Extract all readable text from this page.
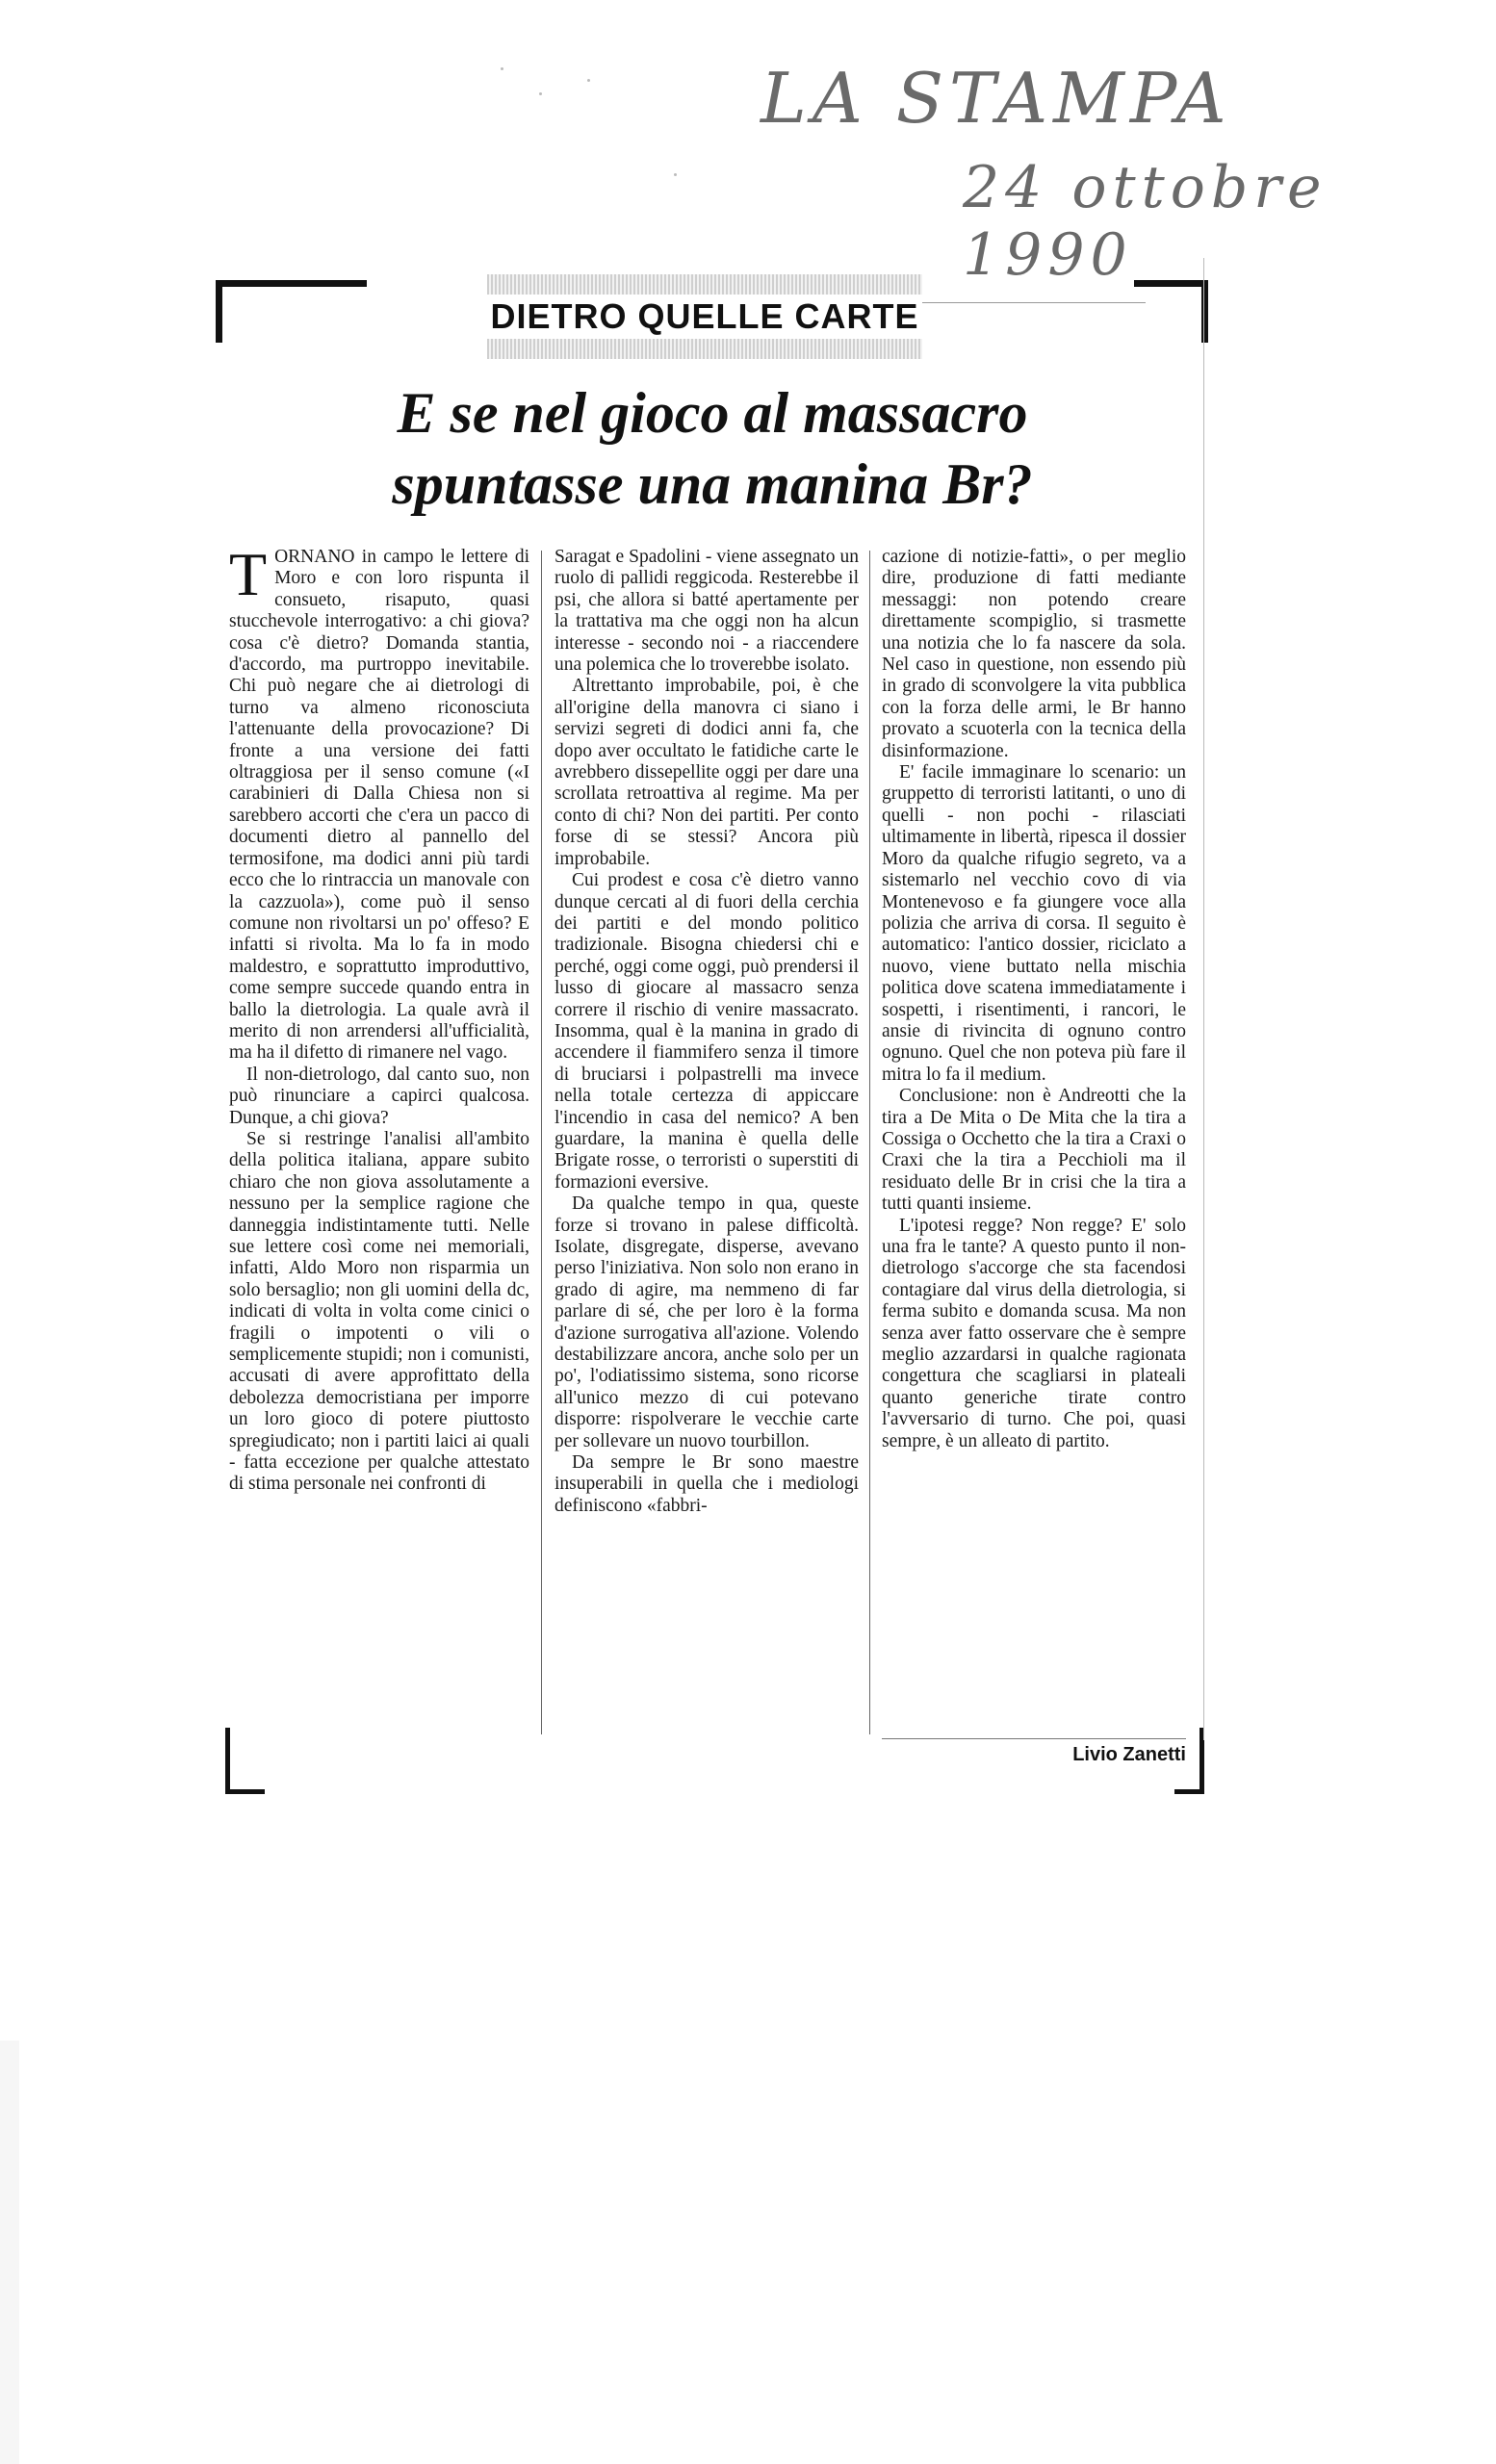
LA STAMPA
24 ottobre 1990
DIETRO QUELLE CARTE
E se nel gioco al massacro
spuntasse una manina Br?

TORNANO in campo le lettere di Moro e con loro rispunta il consueto, risaputo, quasi stucchevole interrogativo: a chi giova? cosa c'è dietro? Domanda stantia, d'accordo, ma purtroppo inevitabile. Chi può negare che ai dietrologi di turno va almeno riconosciuta l'attenuante della provocazione? Di fronte a una versione dei fatti oltraggiosa per il senso comune («I carabinieri di Dalla Chiesa non si sarebbero accorti che c'era un pacco di documenti dietro al pannello del termosifone, ma dodici anni più tardi ecco che lo rintraccia un manovale con la cazzuola»), come può il senso comune non rivoltarsi un po' offeso? E infatti si rivolta. Ma lo fa in modo maldestro, e soprattutto improduttivo, come sempre succede quando entra in ballo la dietrologia. La quale avrà il merito di non arrendersi all'ufficialità, ma ha il difetto di rimanere nel vago.

Il non-dietrologo, dal canto suo, non può rinunciare a capirci qualcosa. Dunque, a chi giova?

Se si restringe l'analisi all'ambito della politica italiana, appare subito chiaro che non giova assolutamente a nessuno per la semplice ragione che danneggia indistintamente tutti. Nelle sue lettere così come nei memoriali, infatti, Aldo Moro non risparmia un solo bersaglio; non gli uomini della dc, indicati di volta in volta come cinici o fragili o impotenti o vili o semplicemente stupidi; non i comunisti, accusati di avere approfittato della debolezza democristiana per imporre un loro gioco di potere piuttosto spregiudicato; non i partiti laici ai quali - fatta eccezione per qualche attestato di stima personale nei confronti di

Saragat e Spadolini - viene assegnato un ruolo di pallidi reggicoda. Resterebbe il psi, che allora si batté apertamente per la trattativa ma che oggi non ha alcun interesse - secondo noi - a riaccendere una polemica che lo troverebbe isolato.

Altrettanto improbabile, poi, è che all'origine della manovra ci siano i servizi segreti di dodici anni fa, che dopo aver occultato le fatidiche carte le avrebbero dissepellite oggi per dare una scrollata retroattiva al regime. Ma per conto di chi? Non dei partiti. Per conto forse di se stessi? Ancora più improbabile.

Cui prodest e cosa c'è dietro vanno dunque cercati al di fuori della cerchia dei partiti e del mondo politico tradizionale. Bisogna chiedersi chi e perché, oggi come oggi, può prendersi il lusso di giocare al massacro senza correre il rischio di venire massacrato. Insomma, qual è la manina in grado di accendere il fiammifero senza il timore di bruciarsi i polpastrelli ma invece nella totale certezza di appiccare l'incendio in casa del nemico? A ben guardare, la manina è quella delle Brigate rosse, o terroristi o superstiti di formazioni eversive.

Da qualche tempo in qua, queste forze si trovano in palese difficoltà. Isolate, disgregate, disperse, avevano perso l'iniziativa. Non solo non erano in grado di agire, ma nemmeno di far parlare di sé, che per loro è la forma d'azione surrogativa all'azione. Volendo destabilizzare ancora, anche solo per un po', l'odiatissimo sistema, sono ricorse all'unico mezzo di cui potevano disporre: rispolverare le vecchie carte per sollevare un nuovo tourbillon.

Da sempre le Br sono maestre insuperabili in quella che i mediologi definiscono «fabbri-

cazione di notizie-fatti», o per meglio dire, produzione di fatti mediante messaggi: non potendo creare direttamente scompiglio, si trasmette una notizia che lo fa nascere da sola. Nel caso in questione, non essendo più in grado di sconvolgere la vita pubblica con la forza delle armi, le Br hanno provato a scuoterla con la tecnica della disinformazione.

E' facile immaginare lo scenario: un gruppetto di terroristi latitanti, o uno di quelli - non pochi - rilasciati ultimamente in libertà, ripesca il dossier Moro da qualche rifugio segreto, va a sistemarlo nel vecchio covo di via Montenevoso e fa giungere voce alla polizia che arriva di corsa. Il seguito è automatico: l'antico dossier, riciclato a nuovo, viene buttato nella mischia politica dove scatena immediatamente i sospetti, i risentimenti, i rancori, le ansie di rivincita di ognuno contro ognuno. Quel che non poteva più fare il mitra lo fa il medium.

Conclusione: non è Andreotti che la tira a De Mita o De Mita che la tira a Cossiga o Occhetto che la tira a Craxi o Craxi che la tira a Pecchioli ma il residuato delle Br in crisi che la tira a tutti quanti insieme.

L'ipotesi regge? Non regge? E' solo una fra le tante? A questo punto il non-dietrologo s'accorge che sta facendosi contagiare dal virus della dietrologia, si ferma subito e domanda scusa. Ma non senza aver fatto osservare che è sempre meglio azzardarsi in qualche ragionata congettura che scagliarsi in plateali quanto generiche tirate contro l'avversario di turno. Che poi, quasi sempre, è un alleato di partito.

Livio Zanetti
